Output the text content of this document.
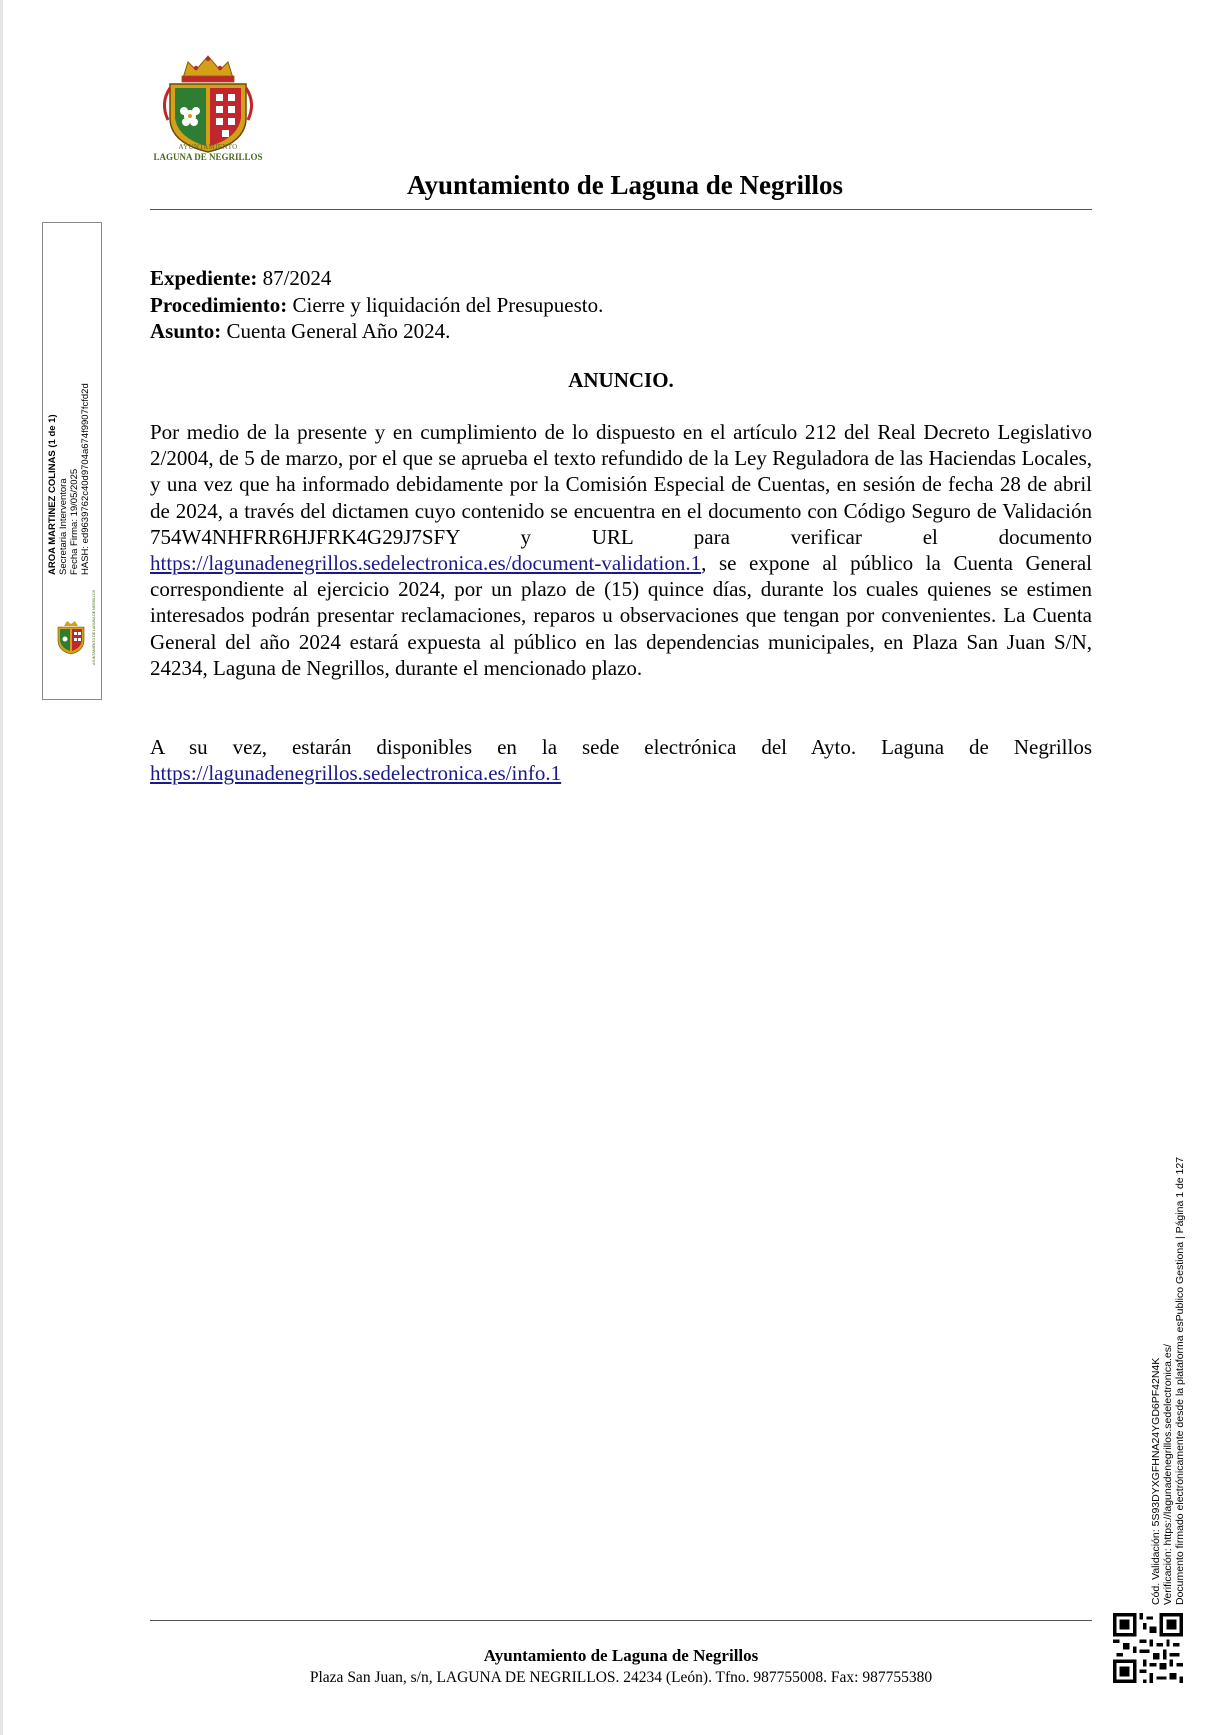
AYUNTAMIENTO
LAGUNA DE NEGRILLOS
Ayuntamiento de Laguna de Negrillos
AROA MARTINEZ COLINAS (1 de 1) Secretaria Interventora Fecha Firma: 19/05/2025 HASH: ed9639762c40d9704a674f9907fcfd2d
AYUNTAMIENTO DE LAGUNA DE NEGRILLOS
Expediente: 87/2024
Procedimiento: Cierre y liquidación del Presupuesto.
Asunto: Cuenta General Año 2024.
ANUNCIO.
Por medio de la presente y en cumplimiento de lo dispuesto en el artículo 212 del Real Decreto Legislativo 2/2004, de 5 de marzo, por el que se aprueba el texto refundido de la Ley Reguladora de las Haciendas Locales, y una vez que ha informado debidamente por la Comisión Especial de Cuentas, en sesión de fecha 28 de abril de 2024, a través del dictamen cuyo contenido se encuentra en el documento con Código Seguro de Validación 754W4NHFRR6HJFRK4G29J7SFY y URL para verificar el documento https://lagunadenegrillos.sedelectronica.es/document-validation.1, se expone al público la Cuenta General correspondiente al ejercicio 2024, por un plazo de (15) quince días, durante los cuales quienes se estimen interesados podrán presentar reclamaciones, reparos u observaciones que tengan por convenientes. La Cuenta General del año 2024 estará expuesta al público en las dependencias municipales, en Plaza San Juan S/N, 24234, Laguna de Negrillos, durante el mencionado plazo.
A su vez, estarán disponibles en la sede electrónica del Ayto. Laguna de Negrillos https://lagunadenegrillos.sedelectronica.es/info.1
Cód. Validación: 5S93DYXGFHNA24YGD6PF42N4K Verificación: https://lagunadenegrillos.sedelectronica.es/ Documento firmado electrónicamente desde la plataforma esPublico Gestiona | Página 1 de 127
Ayuntamiento de Laguna de Negrillos
Plaza San Juan, s/n, LAGUNA DE NEGRILLOS. 24234 (León). Tfno. 987755008. Fax: 987755380
